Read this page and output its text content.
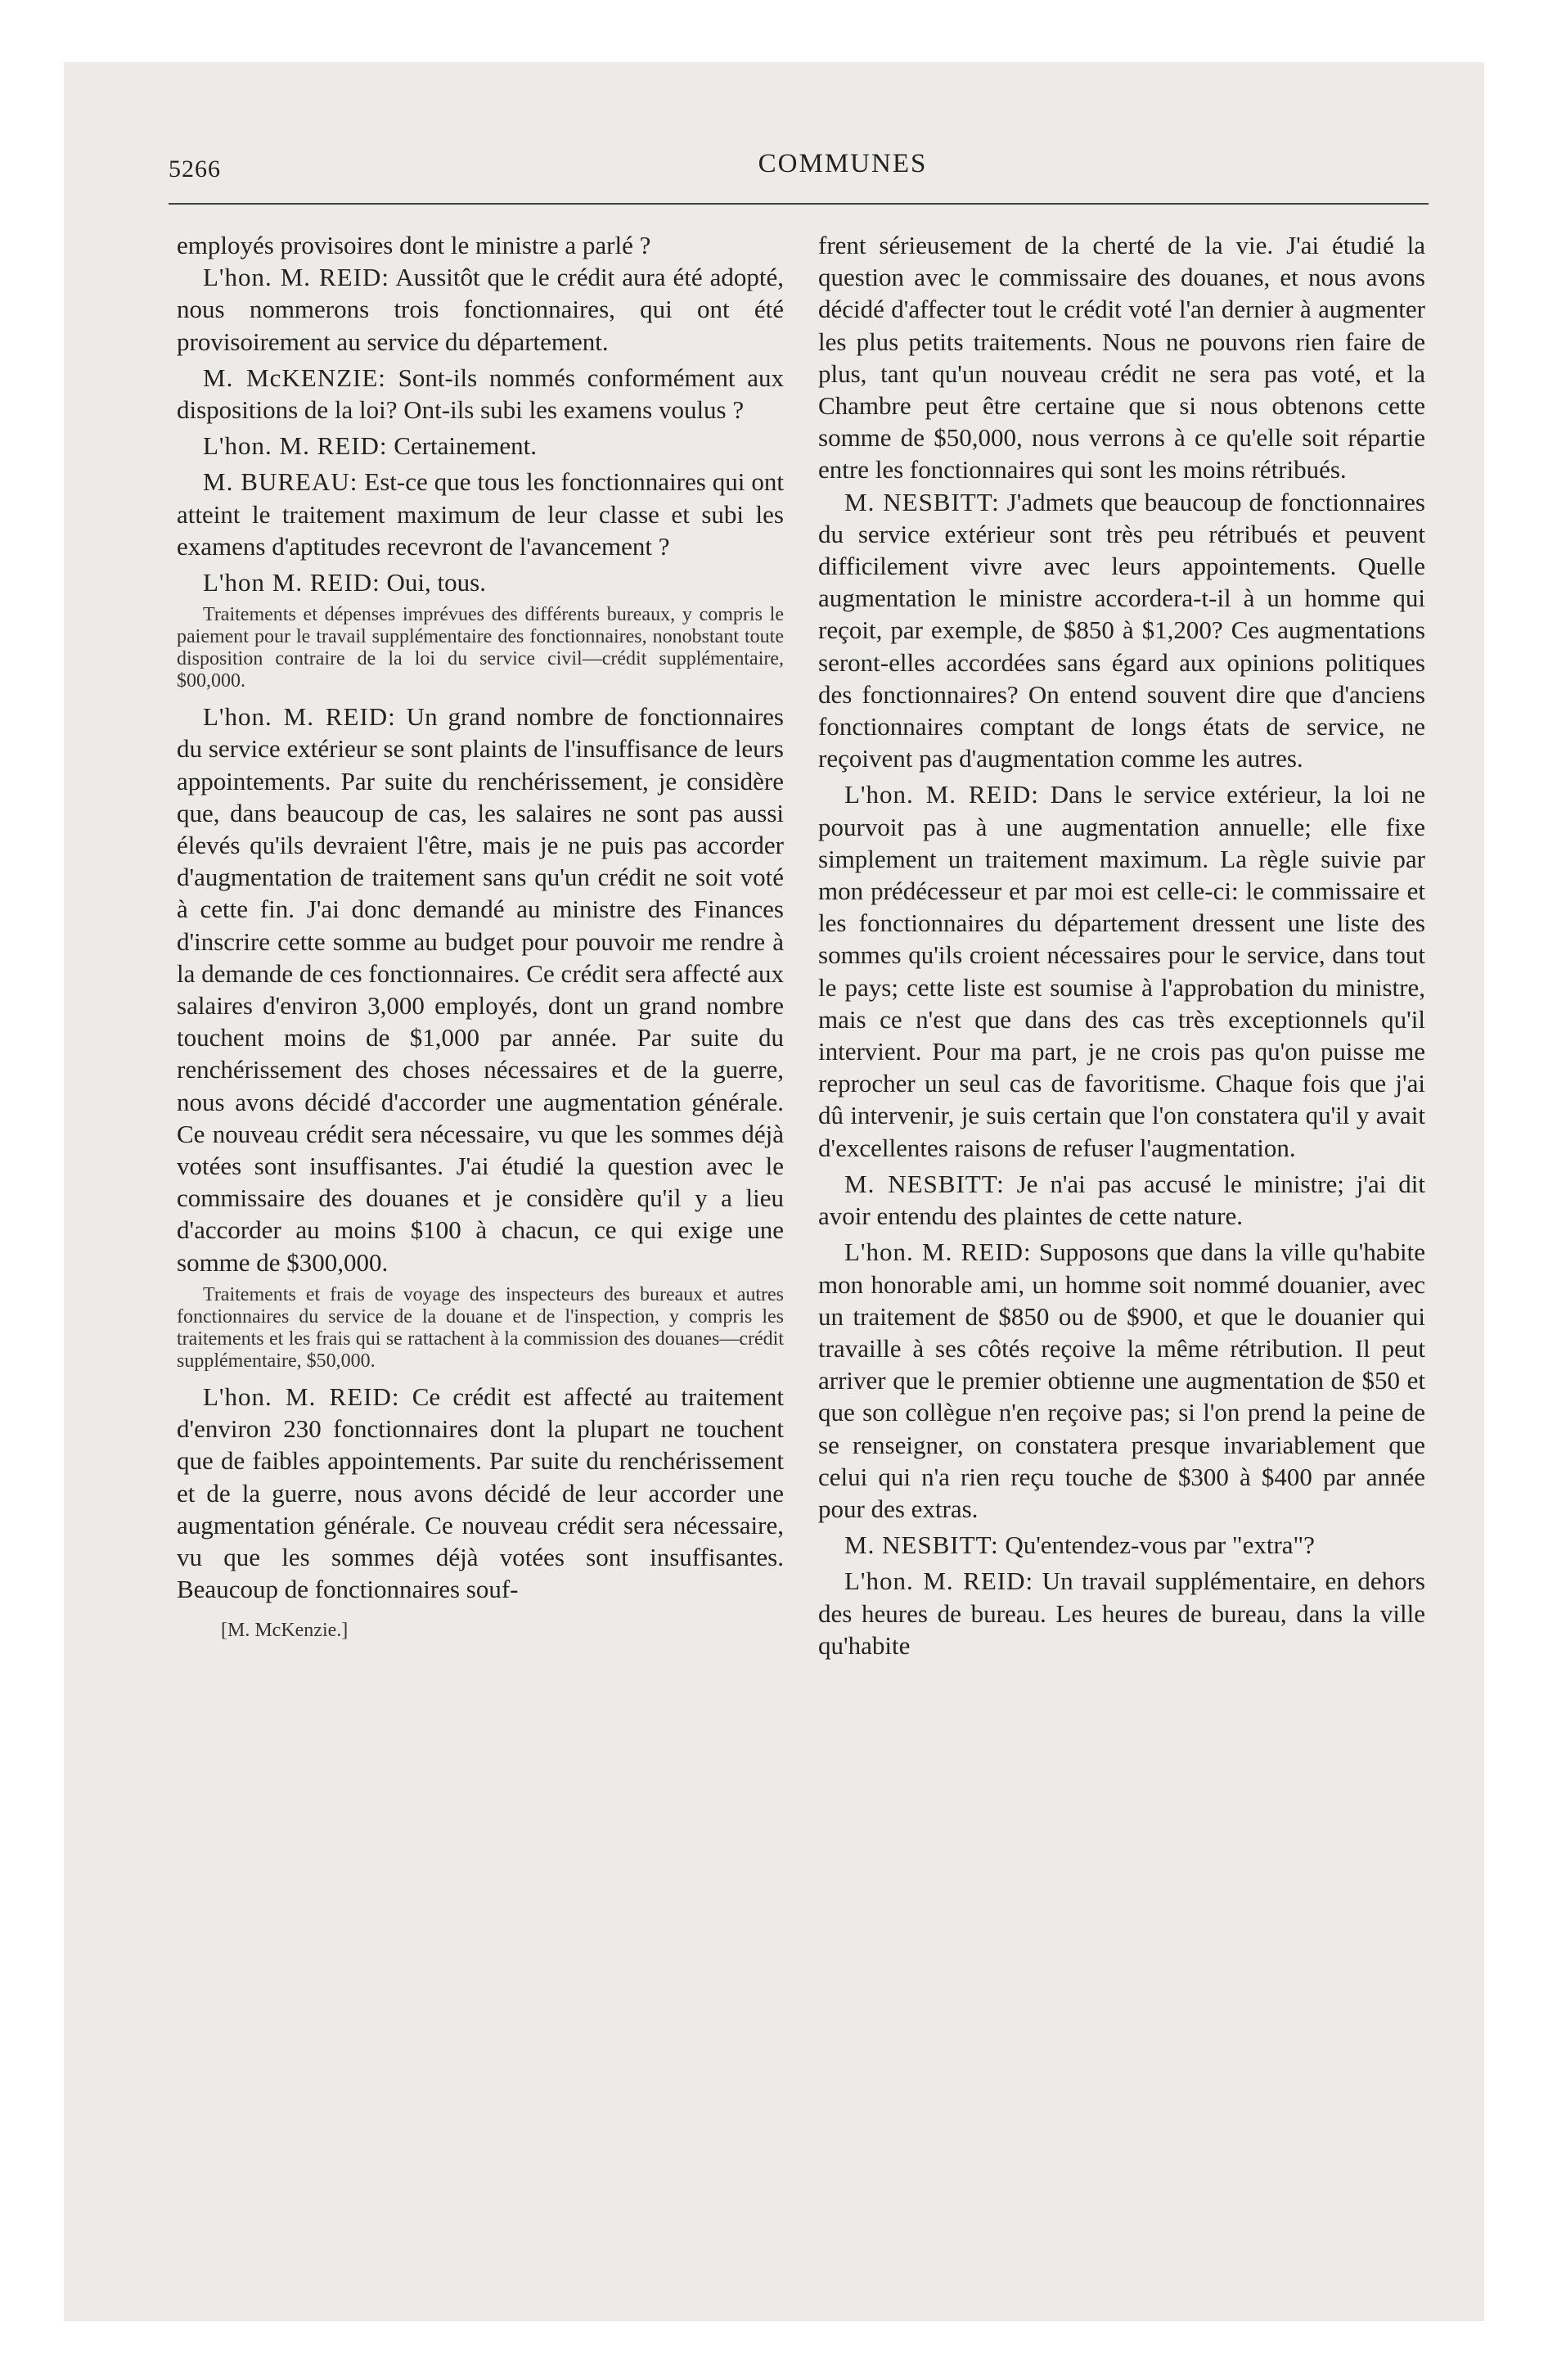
5266	COMMUNES

employés provisoires dont le ministre a parlé ?

L'hon. M. REID: Aussitôt que le crédit aura été adopté, nous nommerons trois fonctionnaires, qui ont été provisoirement au service du département.

M. McKENZIE: Sont-ils nommés conformément aux dispositions de la loi? Ont-ils subi les examens voulus ?

L'hon. M. REID: Certainement.

M. BUREAU: Est-ce que tous les fonctionnaires qui ont atteint le traitement maximum de leur classe et subi les examens d'aptitudes recevront de l'avancement ?

L'hon M. REID: Oui, tous.

Traitements et dépenses imprévues des différents bureaux, y compris le paiement pour le travail supplémentaire des fonctionnaires, nonobstant toute disposition contraire de la loi du service civil—crédit supplémentaire, $00,000.

L'hon. M. REID: Un grand nombre de fonctionnaires du service extérieur se sont plaints de l'insuffisance de leurs appointements. Par suite du renchérissement, je considère que, dans beaucoup de cas, les salaires ne sont pas aussi élevés qu'ils devraient l'être, mais je ne puis pas accorder d'augmentation de traitement sans qu'un crédit ne soit voté à cette fin. J'ai donc demandé au ministre des Finances d'inscrire cette somme au budget pour pouvoir me rendre à la demande de ces fonctionnaires. Ce crédit sera affecté aux salaires d'environ 3,000 employés, dont un grand nombre touchent moins de $1,000 par année. Par suite du renchérissement des choses nécessaires et de la guerre, nous avons décidé d'accorder une augmentation générale. Ce nouveau crédit sera nécessaire, vu que les sommes déjà votées sont insuffisantes. J'ai étudié la question avec le commissaire des douanes et je considère qu'il y a lieu d'accorder au moins $100 à chacun, ce qui exige une somme de $300,000.

Traitements et frais de voyage des inspecteurs des bureaux et autres fonctionnaires du service de la douane et de l'inspection, y compris les traitements et les frais qui se rattachent à la commission des douanes—crédit supplémentaire, $50,000.

L'hon. M. REID: Ce crédit est affecté au traitement d'environ 230 fonctionnaires dont la plupart ne touchent que de faibles appointements. Par suite du renchérissement et de la guerre, nous avons décidé de leur accorder une augmentation générale. Ce nouveau crédit sera nécessaire, vu que les sommes déjà votées sont insuffisantes. Beaucoup de fonctionnaires souf-

[M. McKenzie.]

frent sérieusement de la cherté de la vie. J'ai étudié la question avec le commissaire des douanes, et nous avons décidé d'affecter tout le crédit voté l'an dernier à augmenter les plus petits traitements. Nous ne pouvons rien faire de plus, tant qu'un nouveau crédit ne sera pas voté, et la Chambre peut être certaine que si nous obtenons cette somme de $50,000, nous verrons à ce qu'elle soit répartie entre les fonctionnaires qui sont les moins rétribués.

M. NESBITT: J'admets que beaucoup de fonctionnaires du service extérieur sont très peu rétribués et peuvent difficilement vivre avec leurs appointements. Quelle augmentation le ministre accordera-t-il à un homme qui reçoit, par exemple, de $850 à $1,200? Ces augmentations seront-elles accordées sans égard aux opinions politiques des fonctionnaires? On entend souvent dire que d'anciens fonctionnaires comptant de longs états de service, ne reçoivent pas d'augmentation comme les autres.

L'hon. M. REID: Dans le service extérieur, la loi ne pourvoit pas à une augmentation annuelle; elle fixe simplement un traitement maximum. La règle suivie par mon prédécesseur et par moi est celle-ci: le commissaire et les fonctionnaires du département dressent une liste des sommes qu'ils croient nécessaires pour le service, dans tout le pays; cette liste est soumise à l'approbation du ministre, mais ce n'est que dans des cas très exceptionnels qu'il intervient. Pour ma part, je ne crois pas qu'on puisse me reprocher un seul cas de favoritisme. Chaque fois que j'ai dû intervenir, je suis certain que l'on constatera qu'il y avait d'excellentes raisons de refuser l'augmentation.

M. NESBITT: Je n'ai pas accusé le ministre; j'ai dit avoir entendu des plaintes de cette nature.

L'hon. M. REID: Supposons que dans la ville qu'habite mon honorable ami, un homme soit nommé douanier, avec un traitement de $850 ou de $900, et que le douanier qui travaille à ses côtés reçoive la même rétribution. Il peut arriver que le premier obtienne une augmentation de $50 et que son collègue n'en reçoive pas; si l'on prend la peine de se renseigner, on constatera presque invariablement que celui qui n'a rien reçu touche de $300 à $400 par année pour des extras.

M. NESBITT: Qu'entendez-vous par "extra"?

L'hon. M. REID: Un travail supplémentaire, en dehors des heures de bureau. Les heures de bureau, dans la ville qu'habite
